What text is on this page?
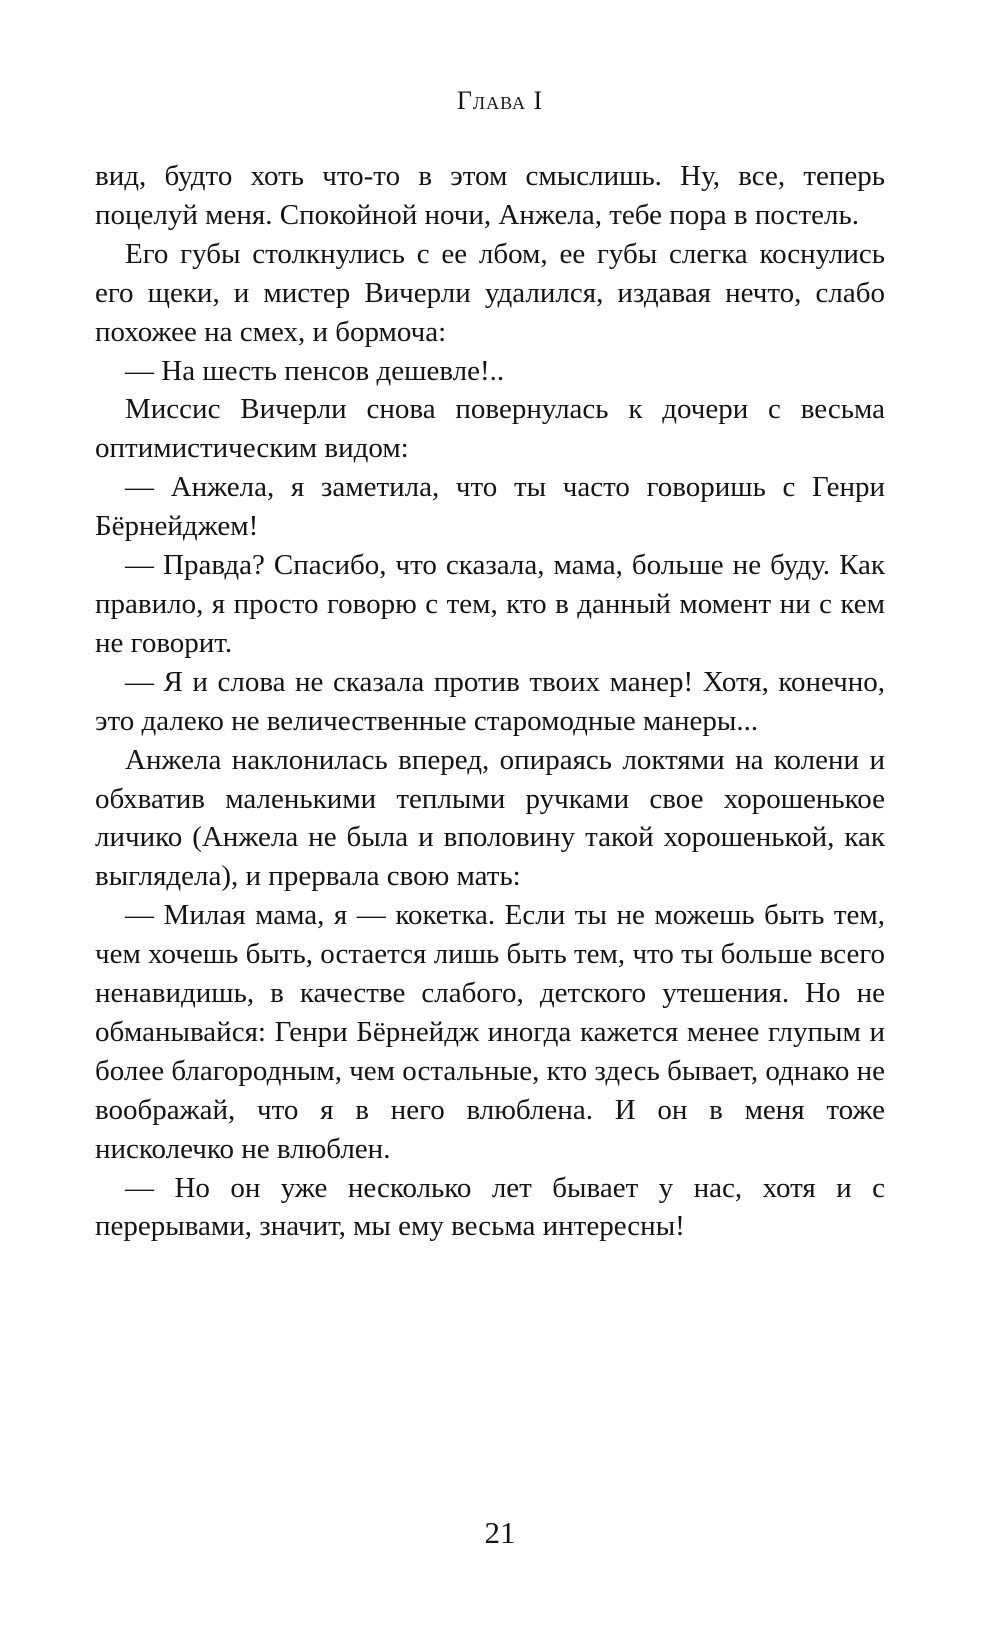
Глава I

вид, будто хоть что-то в этом смыслишь. Ну, все, теперь поцелуй меня. Спокойной ночи, Анжела, тебе пора в постель.

Его губы столкнулись с ее лбом, ее губы слегка коснулись его щеки, и мистер Вичерли удалился, издавая нечто, слабо похожее на смех, и бормоча:

— На шесть пенсов дешевле!..

Миссис Вичерли снова повернулась к дочери с весьма оптимистическим видом:

— Анжела, я заметила, что ты часто говоришь с Генри Бёрнейджем!

— Правда? Спасибо, что сказала, мама, больше не буду. Как правило, я просто говорю с тем, кто в данный момент ни с кем не говорит.

— Я и слова не сказала против твоих манер! Хотя, конечно, это далеко не величественные старомодные манеры...

Анжела наклонилась вперед, опираясь локтями на колени и обхватив маленькими теплыми ручками свое хорошенькое личико (Анжела не была и вполовину такой хорошенькой, как выглядела), и прервала свою мать:

— Милая мама, я — кокетка. Если ты не можешь быть тем, чем хочешь быть, остается лишь быть тем, что ты больше всего ненавидишь, в качестве слабого, детского утешения. Но не обманывайся: Генри Бёрнейдж иногда кажется менее глупым и более благородным, чем остальные, кто здесь бывает, однако не воображай, что я в него влюблена. И он в меня тоже нисколечко не влюблен.

— Но он уже несколько лет бывает у нас, хотя и с перерывами, значит, мы ему весьма интересны!

21
